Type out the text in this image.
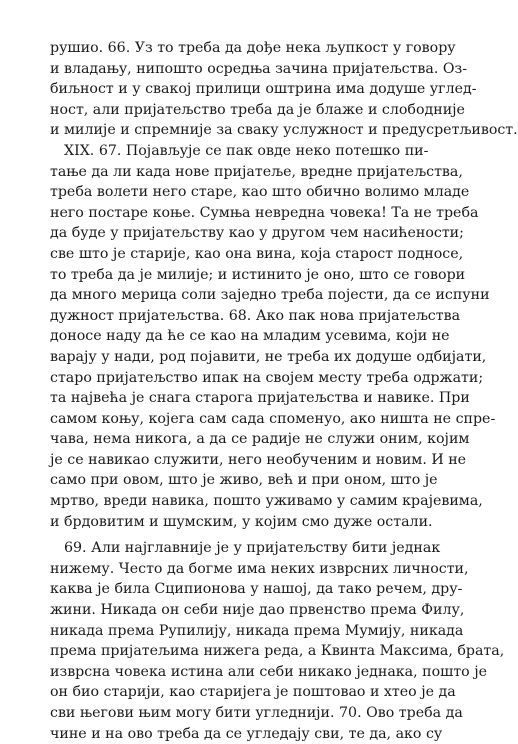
рушио. 66. Уз то треба да дође нека љупкост у говору
и владању, нипошто осредња зачина пријатељства. Оз-
биљност и у свакој прилици оштрина има додуше углед-
ност, али пријатељство треба да је блаже и слободније
и милије и спремније за сваку услужност и предусретљивост.
XIX. 67. Појављује се пак овде неко потешко пи-
тање да ли када нове пријатеље, вредне пријатељства,
треба волети него старе, као што обично волимо младе
него постаре коње. Сумња невредна човека! Та не треба
да буде у пријатељству као у другом чем насићености;
све што је старије, као она вина, која старост подносе,
то треба да је милије; и истинито је оно, што се говори
да много мерица соли заједно треба појести, да се испуни
дужност пријатељства. 68. Ако пак нова пријатељства
доносе наду да ће се као на младим усевима, који не
варају у нади, род појавити, не треба их додуше одбијати,
старо пријатељство ипак на своjем месту треба одржати;
та највећа је снага старога пријатељства и навике. При
самом коњу, којега сам сада споменуо, ако ништа не спре-
чава, нема никога, а да се радије не служи оним, којим
је се навикао служити, него необученим и новим. И не
само при овом, што је живо, већ и при оном, што је
мртво, вреди навика, пошто уживамо у самим крајевима,
и брдовитим и шумским, у којим смо дуже остали.
69. Али најглавније је у пријатељству бити једнак
нижему. Често да богме има неких изврсних личности,
каква је била Сципионова у нашој, да тако речем, дру-
жини. Никада он себи није дао првенство према Филу,
никада према Рупилију, никада према Мумију, никада
према пријатељима нижега реда, а Квинта Максима, брата,
изврсна човека истина али себи никако једнака, пошто је
он био старији, као старијега је поштовао и хтео је да
сви његови њим могу бити угледнији. 70. Ово треба да
чине и на ово треба да се угледају сви, те да, ако су
